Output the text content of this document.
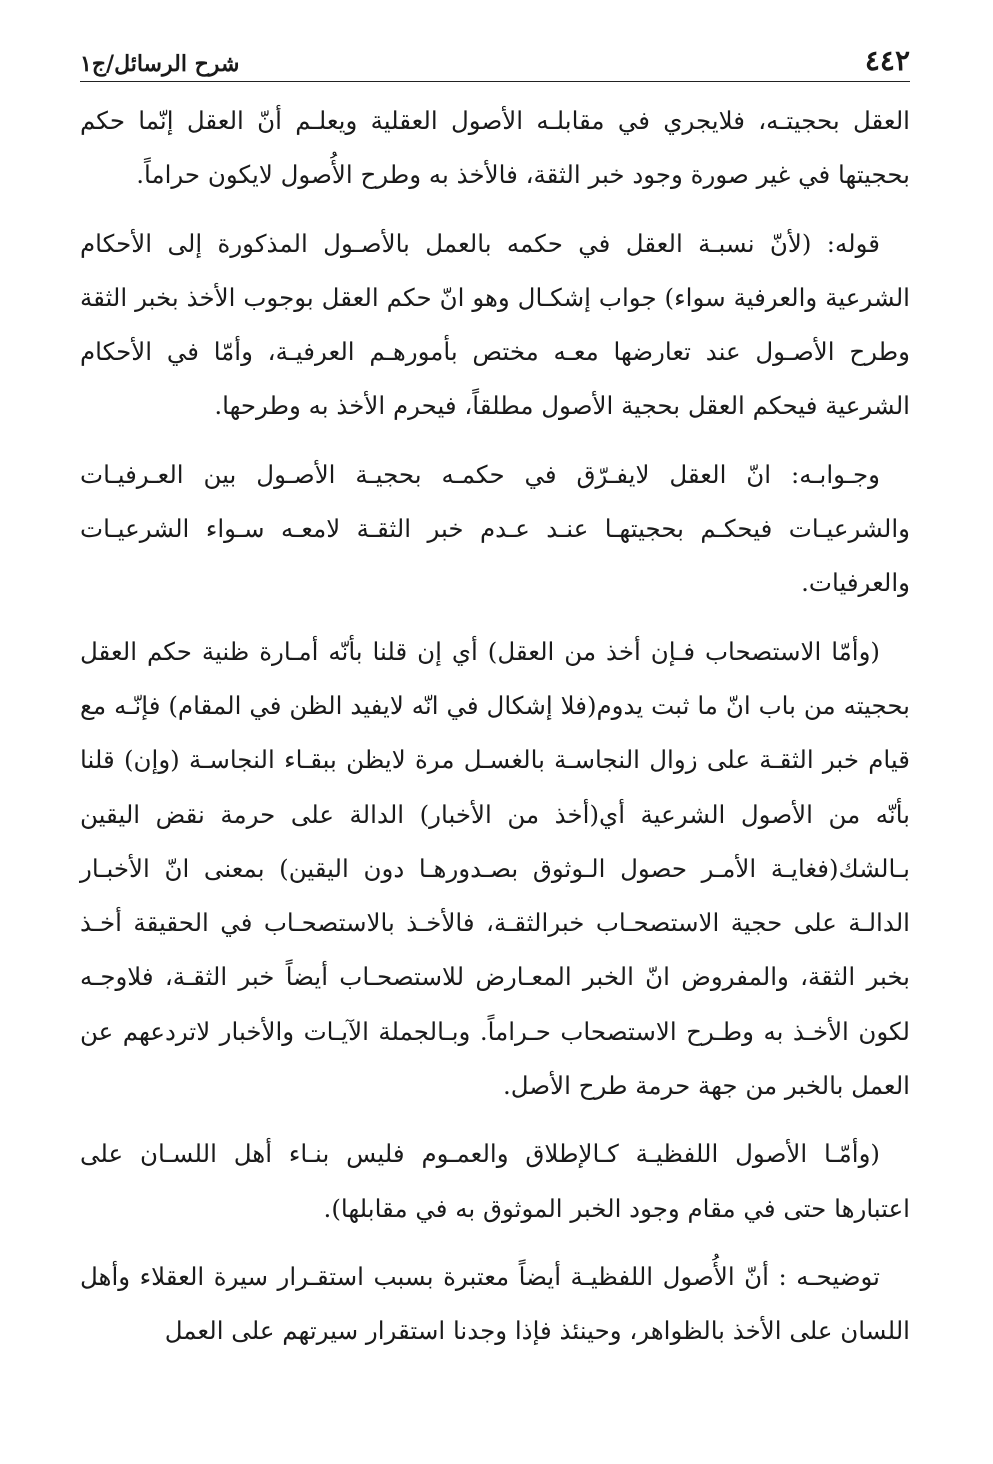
٤٤٢
شرح الرسائل/ج١

العقل بحجيتـه، فلايجري في مقابلـه الأصول العقلية ويعلـم أنّ العقل إنّما حكم بحجيتها في غير صورة وجود خبر الثقة، فالأخذ به وطرح الأُصول لايكون حراماً.

قوله: (لأنّ نسبـة العقل في حكمه بالعمل بالأصـول المذكورة إلى الأحكام الشرعية والعرفية سواء) جواب إشكـال وهو انّ حكم العقل بوجوب الأخذ بخبر الثقة وطرح الأصـول عند تعارضها معـه مختص بأمورهـم العرفيـة، وأمّا في الأحكام الشرعية فيحكم العقل بحجية الأصول مطلقاً، فيحرم الأخذ به وطرحها.

وجـوابـه: انّ العقل لايفـرّق في حكمـه بحجيـة الأصـول بين العـرفيـات والشرعيـات فيحكـم بحجيتهـا عنـد عـدم خبر الثقـة لامعـه سـواء الشرعيـات والعرفيات.

(وأمّا الاستصحاب فـإن أخذ من العقل) أي إن قلنا بأنّه أمـارة ظنية حكم العقل بحجيته من باب انّ ما ثبت يدوم(فلا إشكال في انّه لايفيد الظن في المقام) فإنّـه مع قيام خبر الثقـة على زوال النجاسـة بالغسـل مرة لايظن ببقـاء النجاسـة (وإن) قلنا بأنّه من الأصول الشرعية أي(أخذ من الأخبار) الدالة على حرمة نقض اليقين بـالشك(فغايـة الأمـر حصول الـوثوق بصـدورهـا دون اليقين) بمعنى انّ الأخبـار الدالـة على حجية الاستصحـاب خبرالثقـة، فالأخـذ بالاستصحـاب في الحقيقة أخـذ بخبر الثقة، والمفروض انّ الخبر المعـارض للاستصحـاب أيضاً خبر الثقـة، فلاوجـه لكون الأخـذ به وطـرح الاستصحاب حـراماً. وبـالجملة الآيـات والأخبار لاتردعهم عن العمل بالخبر من جهة حرمة طرح الأصل.

(وأمّـا الأصول اللفظيـة كـالإطلاق والعمـوم فليس بنـاء أهل اللسـان على اعتبارها حتى في مقام وجود الخبر الموثوق به في مقابلها).

توضيحـه : أنّ الأُصول اللفظيـة أيضاً معتبرة بسبب استقـرار سيرة العقلاء وأهل اللسان على الأخذ بالظواهر، وحينئذ فإذا وجدنا استقرار سيرتهم على العمل
